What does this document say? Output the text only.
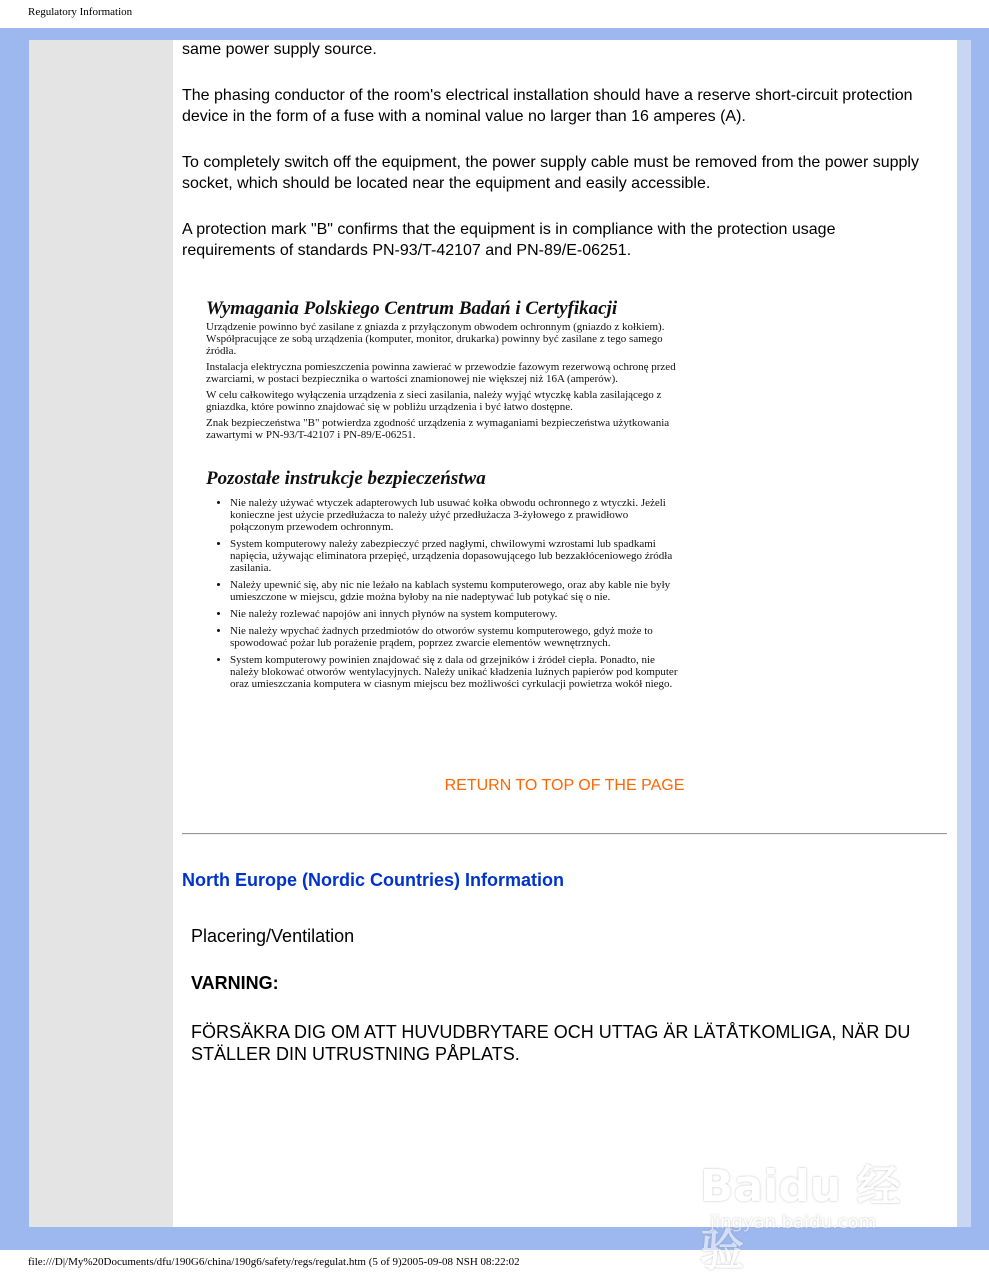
Regulatory Information

same power supply source.

The phasing conductor of the room's electrical installation should have a reserve short-circuit protection device in the form of a fuse with a nominal value no larger than 16 amperes (A).

To completely switch off the equipment, the power supply cable must be removed from the power supply socket, which should be located near the equipment and easily accessible.

A protection mark "B" confirms that the equipment is in compliance with the protection usage requirements of standards PN-93/T-42107 and PN-89/E-06251.

Wymagania Polskiego Centrum Badań i Certyfikacji

Urządzenie powinno być zasilane z gniazda z przyłączonym obwodem ochronnym (gniazdo z kołkiem). Współpracujące ze sobą urządzenia (komputer, monitor, drukarka) powinny być zasilane z tego samego źródła.

Instalacja elektryczna pomieszczenia powinna zawierać w przewodzie fazowym rezerwową ochronę przed zwarciami, w postaci bezpiecznika o wartości znamionowej nie większej niż 16A (amperów).

W celu całkowitego wyłączenia urządzenia z sieci zasilania, należy wyjąć wtyczkę kabla zasilającego z gniazdka, które powinno znajdować się w pobliżu urządzenia i być łatwo dostępne.

Znak bezpieczeństwa "B" potwierdza zgodność urządzenia z wymaganiami bezpieczeństwa użytkowania zawartymi w PN-93/T-42107 i PN-89/E-06251.

Pozostałe instrukcje bezpieczeństwa
• Nie należy używać wtyczek adapterowych lub usuwać kołka obwodu ochronnego z wtyczki. Jeżeli konieczne jest użycie przedłużacza to należy użyć przedłużacza 3-żyłowego z prawidłowo połączonym przewodem ochronnym.
• System komputerowy należy zabezpieczyć przed nagłymi, chwilowymi wzrostami lub spadkami napięcia, używając eliminatora przepięć, urządzenia dopasowującego lub bezzakłóceniowego źródła zasilania.
• Należy upewnić się, aby nic nie leżało na kablach systemu komputerowego, oraz aby kable nie były umieszczone w miejscu, gdzie można byłoby na nie nadeptywać lub potykać się o nie.
• Nie należy rozlewać napojów ani innych płynów na system komputerowy.
• Nie należy wpychać żadnych przedmiotów do otworów systemu komputerowego, gdyż może to spowodować pożar lub porażenie prądem, poprzez zwarcie elementów wewnętrznych.
• System komputerowy powinien znajdować się z dala od grzejników i źródeł ciepła. Ponadto, nie należy blokować otworów wentylacyjnych. Należy unikać kładzenia luźnych papierów pod komputer oraz umieszczania komputera w ciasnym miejscu bez możliwości cyrkulacji powietrza wokół niego.
RETURN TO TOP OF THE PAGE
North Europe (Nordic Countries) Information
Placering/Ventilation
VARNING:
FÖRSÄKRA DIG OM ATT HUVUDBRYTARE OCH UTTAG ÄR LÄTÅTKOMLIGA, NÄR DU STÄLLER DIN UTRUSTNING PÅPLATS.
Baidu 经验
jingyan.baidu.com
file:///D|/My%20Documents/dfu/190G6/china/190g6/safety/regs/regulat.htm (5 of 9)2005-09-08 NSH 08:22:02
